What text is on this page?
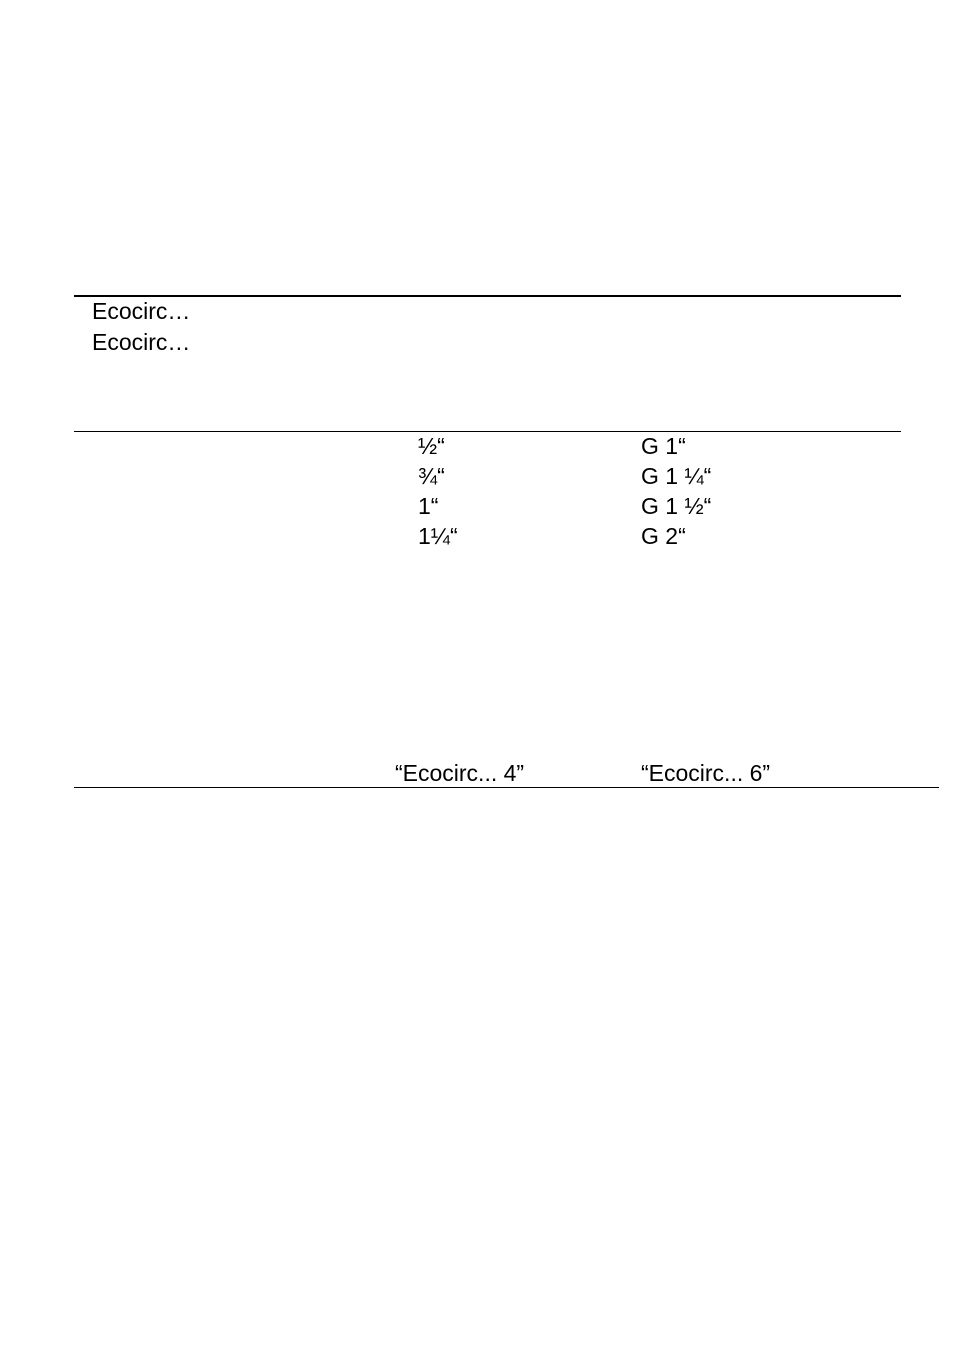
Ecocirc…
Ecocirc…
½“	G 1“
¾“	G 1 ¼“
1“	G 1 ½“
1¼“	G 2“
“Ecocirc... 4”	“Ecocirc... 6”
